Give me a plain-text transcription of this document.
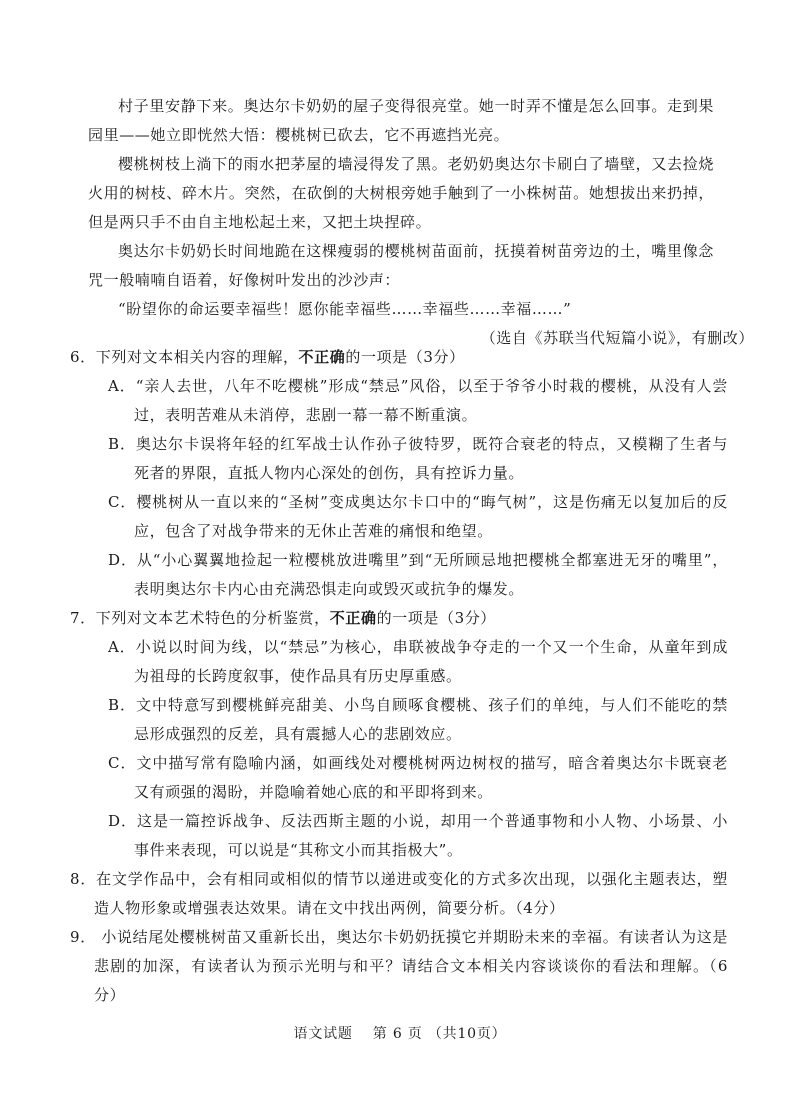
村子里安静下来。奥达尔卡奶奶的屋子变得很亮堂。她一时弄不懂是怎么回事。走到果园里——她立即恍然大悟：樱桃树已砍去，它不再遮挡光亮。

樱桃树枝上淌下的雨水把茅屋的墙浸得发了黑。老奶奶奥达尔卡刷白了墙壁，又去捡烧火用的树枝、碎木片。突然，在砍倒的大树根旁她手触到了一小株树苗。她想拔出来扔掉，但是两只手不由自主地松起土来，又把土块捏碎。

奥达尔卡奶奶长时间地跪在这棵瘦弱的樱桃树苗面前，抚摸着树苗旁边的土，嘴里像念咒一般喃喃自语着，好像树叶发出的沙沙声：

“盼望你的命运要幸福些！愿你能幸福些……幸福些……幸福……”

（选自《苏联当代短篇小说》，有删改）

6．下列对文本相关内容的理解，不正确的一项是（3分）

A．“亲人去世，八年不吃樱桃”形成“禁忌”风俗，以至于爷爷小时栽的樱桃，从没有人尝过，表明苦难从未消停，悲剧一幕一幕不断重演。

B．奥达尔卡误将年轻的红军战士认作孙子彼特罗，既符合衰老的特点，又模糊了生者与死者的界限，直抵人物内心深处的创伤，具有控诉力量。

C．樱桃树从一直以来的“圣树”变成奥达尔卡口中的“晦气树”，这是伤痛无以复加后的反应，包含了对战争带来的无休止苦难的痛恨和绝望。

D．从“小心翼翼地捡起一粒樱桃放进嘴里”到“无所顾忌地把樱桃全都塞进无牙的嘴里”，表明奥达尔卡内心由充满恐惧走向或毁灭或抗争的爆发。

7．下列对文本艺术特色的分析鉴赏，不正确的一项是（3分）

A．小说以时间为线，以“禁忌”为核心，串联被战争夺走的一个又一个生命，从童年到成为祖母的长跨度叙事，使作品具有历史厚重感。

B．文中特意写到樱桃鲜亮甜美、小鸟自顾啄食樱桃、孩子们的单纯，与人们不能吃的禁忌形成强烈的反差，具有震撼人心的悲剧效应。

C．文中描写常有隐喻内涵，如画线处对樱桃树两边树杈的描写，暗含着奥达尔卡既衰老又有顽强的渴盼，并隐喻着她心底的和平即将到来。

D．这是一篇控诉战争、反法西斯主题的小说，却用一个普通事物和小人物、小场景、小事件来表现，可以说是“其称文小而其指极大”。

8．在文学作品中，会有相同或相似的情节以递进或变化的方式多次出现，以强化主题表达，塑造人物形象或增强表达效果。请在文中找出两例，简要分析。（4分）

9． 小说结尾处樱桃树苗又重新长出，奥达尔卡奶奶抚摸它并期盼未来的幸福。有读者认为这是悲剧的加深，有读者认为预示光明与和平？请结合文本相关内容谈谈你的看法和理解。（6分）

语文试题　 第 6 页 （共10页）
